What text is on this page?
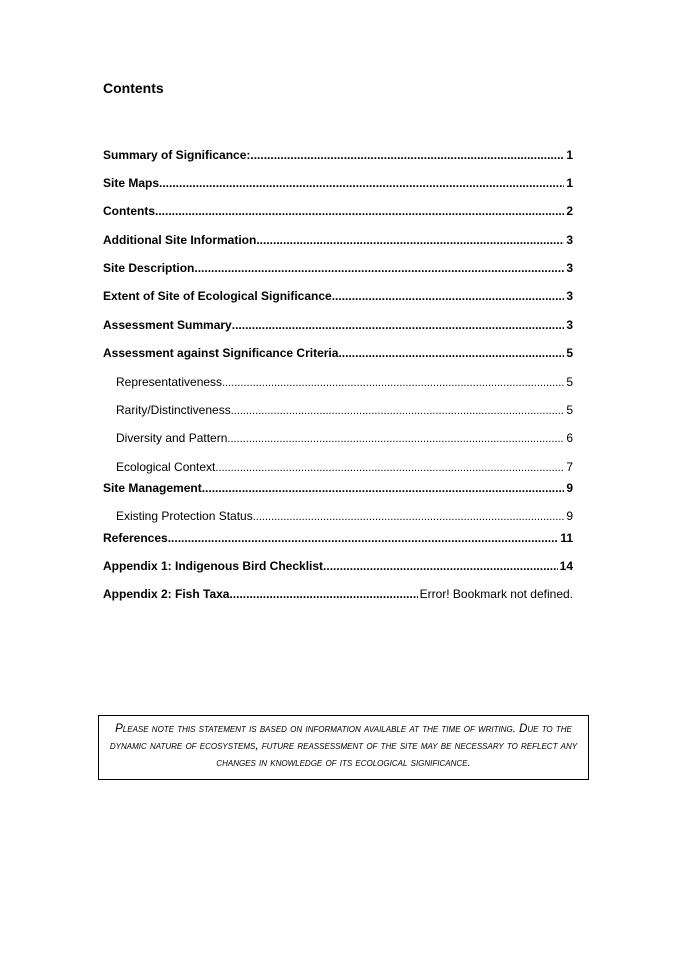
Contents
Summary of Significance: .....	1
Site Maps .....	1
Contents .....	2
Additional Site Information .....	3
Site Description .....	3
Extent of Site of Ecological Significance .....	3
Assessment Summary .....	3
Assessment against Significance Criteria .....	5
Representativeness .....	5
Rarity/Distinctiveness .....	5
Diversity and Pattern .....	6
Ecological Context .....	7
Site Management .....	9
Existing Protection Status .....	9
References .....	11
Appendix 1: Indigenous Bird Checklist .....	14
Appendix 2: Fish Taxa .....	Error! Bookmark not defined.
Please note this statement is based on information available at the time of writing. Due to the dynamic nature of ecosystems, future reassessment of the site may be necessary to reflect any changes in knowledge of its ecological significance.
